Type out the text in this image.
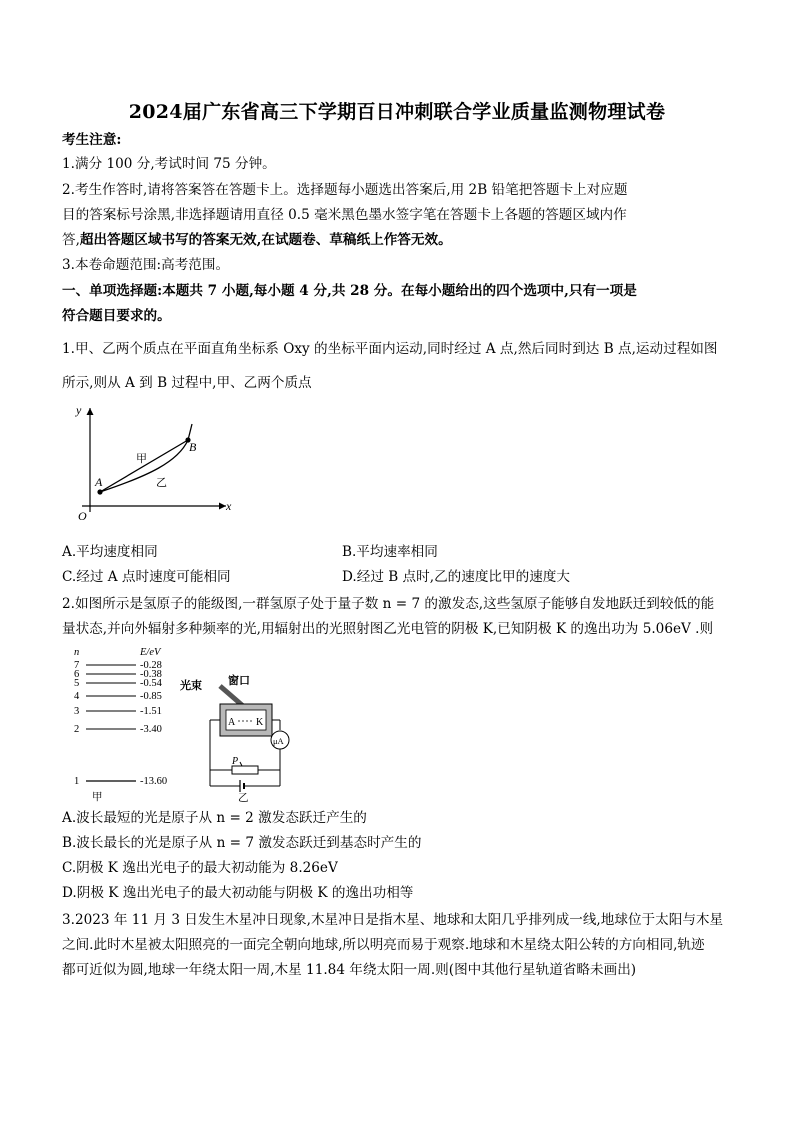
2024届广东省高三下学期百日冲刺联合学业质量监测物理试卷
考生注意:
1.满分 100 分,考试时间 75 分钟。
2.考生作答时,请将答案答在答题卡上。选择题每小题选出答案后,用 2B 铅笔把答题卡上对应题
目的答案标号涂黑,非选择题请用直径 0.5 毫米黑色墨水签字笔在答题卡上各题的答题区域内作
答,超出答题区域书写的答案无效,在试题卷、草稿纸上作答无效。
3.本卷命题范围:高考范围。
一、单项选择题:本题共 7 小题,每小题 4 分,共 28 分。在每小题给出的四个选项中,只有一项是
符合题目要求的。
1.甲、乙两个质点在平面直角坐标系 Oxy 的坐标平面内运动,同时经过 A 点,然后同时到达 B 点,运动过程如图
所示,则从 A 到 B 过程中,甲、乙两个质点
y
x
O
A
B
甲
乙
A.平均速度相同	B.平均速率相同
C.经过 A 点时速度可能相同	D.经过 B 点时,乙的速度比甲的速度大
2.如图所示是氢原子的能级图,一群氢原子处于量子数 n = 7 的激发态,这些氢原子能够自发地跃迁到较低的能
量状态,并向外辐射多种频率的光,用辐射出的光照射图乙光电管的阴极 K,已知阴极 K 的逸出功为 5.06eV .则
n	E/eV
7	-0.28
6	-0.38
5	-0.54
4	-0.85
3	-1.51
2	-3.40
1	-13.60
甲
光束 窗口
A K
μA
P
乙
A.波长最短的光是原子从 n = 2 激发态跃迁产生的
B.波长最长的光是原子从 n = 7 激发态跃迁到基态时产生的
C.阴极 K 逸出光电子的最大初动能为 8.26eV
D.阴极 K 逸出光电子的最大初动能与阴极 K 的逸出功相等
3.2023 年 11 月 3 日发生木星冲日现象,木星冲日是指木星、地球和太阳几乎排列成一线,地球位于太阳与木星
之间.此时木星被太阳照亮的一面完全朝向地球,所以明亮而易于观察.地球和木星绕太阳公转的方向相同,轨迹
都可近似为圆,地球一年绕太阳一周,木星 11.84 年绕太阳一周.则(图中其他行星轨道省略未画出)
